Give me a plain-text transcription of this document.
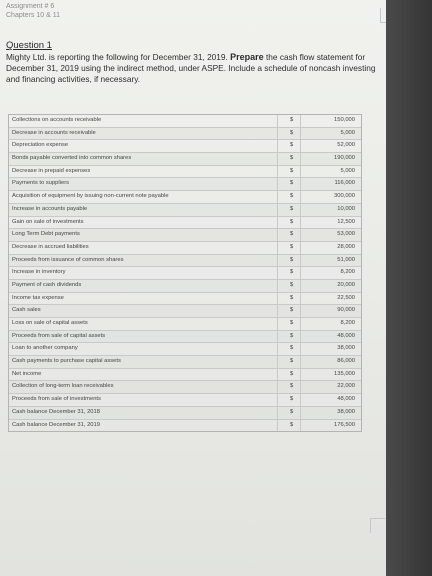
Assignment # 6
Chapters 10 & 11
Question 1
Mighty Ltd. is reporting the following for December 31, 2019. Prepare the cash flow statement for December 31, 2019 using the indirect method, under ASPE. Include a schedule of noncash investing and financing activities, if necessary.
Collections on accounts receivable	$	150,000
Decrease in accounts receivable	$	5,000
Depreciation expense	$	52,000
Bonds payable converted into common shares	$	190,000
Decrease in prepaid expenses	$	5,000
Payments to suppliers	$	116,000
Acquisition of equipment by issuing non-current note payable	$	300,000
Increase in accounts payable	$	10,000
Gain on sale of investments	$	12,500
Long Term Debt payments	$	53,000
Decrease in accrued liabilities	$	28,000
Proceeds from issuance of common shares	$	51,000
Increase in inventory	$	8,200
Payment of cash dividends	$	20,000
Income tax expense	$	22,500
Cash sales	$	90,000
Loss on sale of capital assets	$	8,200
Proceeds from sale of capital assets	$	48,000
Loan to another company	$	38,000
Cash payments to purchase capital assets	$	86,000
Net income	$	135,000
Collection of long-term loan receivables	$	22,000
Proceeds from sale of investments	$	48,000
Cash balance December 31, 2018	$	38,000
Cash balance December 31, 2019	$	176,500
